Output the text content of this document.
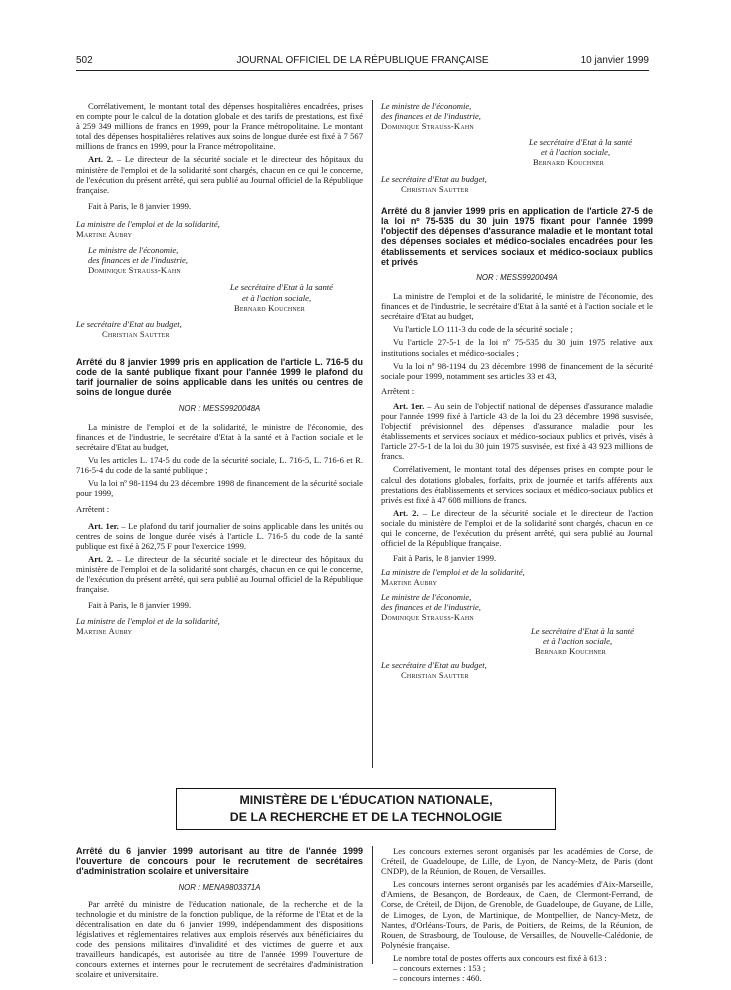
502	JOURNAL OFFICIEL DE LA RÉPUBLIQUE FRANÇAISE	10 janvier 1999

Corrélativement, le montant total des dépenses hospitalières encadrées, prises en compte pour le calcul de la dotation globale et des tarifs de prestations, est fixé à 259 349 millions de francs en 1999, pour la France métropolitaine. Le montant total des dépenses hospitalières relatives aux soins de longue durée est fixé à 7 567 millions de francs en 1999, pour la France métropolitaine.

Art. 2. – Le directeur de la sécurité sociale et le directeur des hôpitaux du ministère de l'emploi et de la solidarité sont chargés, chacun en ce qui le concerne, de l'exécution du présent arrêté, qui sera publié au Journal officiel de la République française.

Fait à Paris, le 8 janvier 1999.

La ministre de l'emploi et de la solidarité,

Martine Aubry

Le ministre de l'économie,

des finances et de l'industrie,

Dominique Strauss-Kahn

Le secrétaire d'Etat à la santé

et à l'action sociale,

Bernard Kouchner

Le secrétaire d'Etat au budget,

Christian Sautter

Arrêté du 8 janvier 1999 pris en application de l'article L. 716-5 du code de la santé publique fixant pour l'année 1999 le plafond du tarif journalier de soins applicable dans les unités ou centres de soins de longue durée
NOR : MESS9920048A

La ministre de l'emploi et de la solidarité, le ministre de l'économie, des finances et de l'industrie, le secrétaire d'Etat à la santé et à l'action sociale et le secrétaire d'Etat au budget,

Vu les articles L. 174-5 du code de la sécurité sociale, L. 716-5, L. 716-6 et R. 716-5-4 du code de la santé publique ;

Vu la loi nº 98-1194 du 23 décembre 1998 de financement de la sécurité sociale pour 1999,

Arrêtent :

Art. 1er. – Le plafond du tarif journalier de soins applicable dans les unités ou centres de soins de longue durée visés à l'article L. 716-5 du code de la santé publique est fixé à 262,75 F pour l'exercice 1999.

Art. 2. – Le directeur de la sécurité sociale et le directeur des hôpitaux du ministère de l'emploi et de la solidarité sont chargés, chacun en ce qui le concerne, de l'exécution du présent arrêté, qui sera publié au Journal officiel de la République française.

Fait à Paris, le 8 janvier 1999.

La ministre de l'emploi et de la solidarité,

Martine Aubry

Le ministre de l'économie,

des finances et de l'industrie,

Dominique Strauss-Kahn

Le secrétaire d'Etat à la santé

et à l'action sociale,

Bernard Kouchner

Le secrétaire d'Etat au budget,

Christian Sautter

Arrêté du 8 janvier 1999 pris en application de l'article 27-5 de la loi nº 75-535 du 30 juin 1975 fixant pour l'année 1999 l'objectif des dépenses d'assurance maladie et le montant total des dépenses sociales et médico-sociales encadrées pour les établissements et services sociaux et médico-sociaux publics et privés
NOR : MESS9920049A

La ministre de l'emploi et de la solidarité, le ministre de l'économie, des finances et de l'industrie, le secrétaire d'Etat à la santé et à l'action sociale et le secrétaire d'Etat au budget,

Vu l'article LO 111-3 du code de la sécurité sociale ;

Vu l'article 27-5-1 de la loi nº 75-535 du 30 juin 1975 relative aux institutions sociales et médico-sociales ;

Vu la loi nº 98-1194 du 23 décembre 1998 de financement de la sécurité sociale pour 1999, notamment ses articles 33 et 43,

Arrêtent :

Art. 1er. – Au sein de l'objectif national de dépenses d'assurance maladie pour l'année 1999 fixé à l'article 43 de la loi du 23 décembre 1998 susvisée, l'objectif prévisionnel des dépenses d'assurance maladie pour les établissements et services sociaux et médico-sociaux publics et privés, visés à l'article 27-5-1 de la loi du 30 juin 1975 susvisée, est fixé à 43 923 millions de francs.

Corrélativement, le montant total des dépenses prises en compte pour le calcul des dotations globales, forfaits, prix de journée et tarifs afférents aux prestations des établissements et services sociaux et médico-sociaux publics et privés est fixé à 47 608 millions de francs.

Art. 2. – Le directeur de la sécurité sociale et le directeur de l'action sociale du ministère de l'emploi et de la solidarité sont chargés, chacun en ce qui le concerne, de l'exécution du présent arrêté, qui sera publié au Journal officiel de la République française.

Fait à Paris, le 8 janvier 1999.

La ministre de l'emploi et de la solidarité,

Martine Aubry

Le ministre de l'économie,

des finances et de l'industrie,

Dominique Strauss-Kahn

Le secrétaire d'Etat à la santé

et à l'action sociale,

Bernard Kouchner

Le secrétaire d'Etat au budget,

Christian Sautter

MINISTÈRE DE L'ÉDUCATION NATIONALE,
DE LA RECHERCHE ET DE LA TECHNOLOGIE
Arrêté du 6 janvier 1999 autorisant au titre de l'année 1999 l'ouverture de concours pour le recrutement de secrétaires d'administration scolaire et universitaire
NOR : MENA9803371A

Par arrêté du ministre de l'éducation nationale, de la recherche et de la technologie et du ministre de la fonction publique, de la réforme de l'Etat et de la décentralisation en date du 6 janvier 1999, indépendamment des dispositions législatives et réglementaires relatives aux emplois réservés aux bénéficiaires du code des pensions militaires d'invalidité et des victimes de guerre et aux travailleurs handicapés, est autorisée au titre de l'année 1999 l'ouverture de concours externes et internes pour le recrutement de secrétaires d'administration scolaire et universitaire.

Les concours externes seront organisés par les académies de Corse, de Créteil, de Guadeloupe, de Lille, de Lyon, de Nancy-Metz, de Paris (dont CNDP), de la Réunion, de Rouen, de Versailles.

Les concours internes seront organisés par les académies d'Aix-Marseille, d'Amiens, de Besançon, de Bordeaux, de Caen, de Clermont-Ferrand, de Corse, de Créteil, de Dijon, de Grenoble, de Guadeloupe, de Guyane, de Lille, de Limoges, de Lyon, de Martinique, de Montpellier, de Nancy-Metz, de Nantes, d'Orléans-Tours, de Paris, de Poitiers, de Reims, de la Réunion, de Rouen, de Strasbourg, de Toulouse, de Versailles, de Nouvelle-Calédonie, de Polynésie française.

Le nombre total de postes offerts aux concours est fixé à 613 :

– concours externes : 153 ;

– concours internes : 460.
